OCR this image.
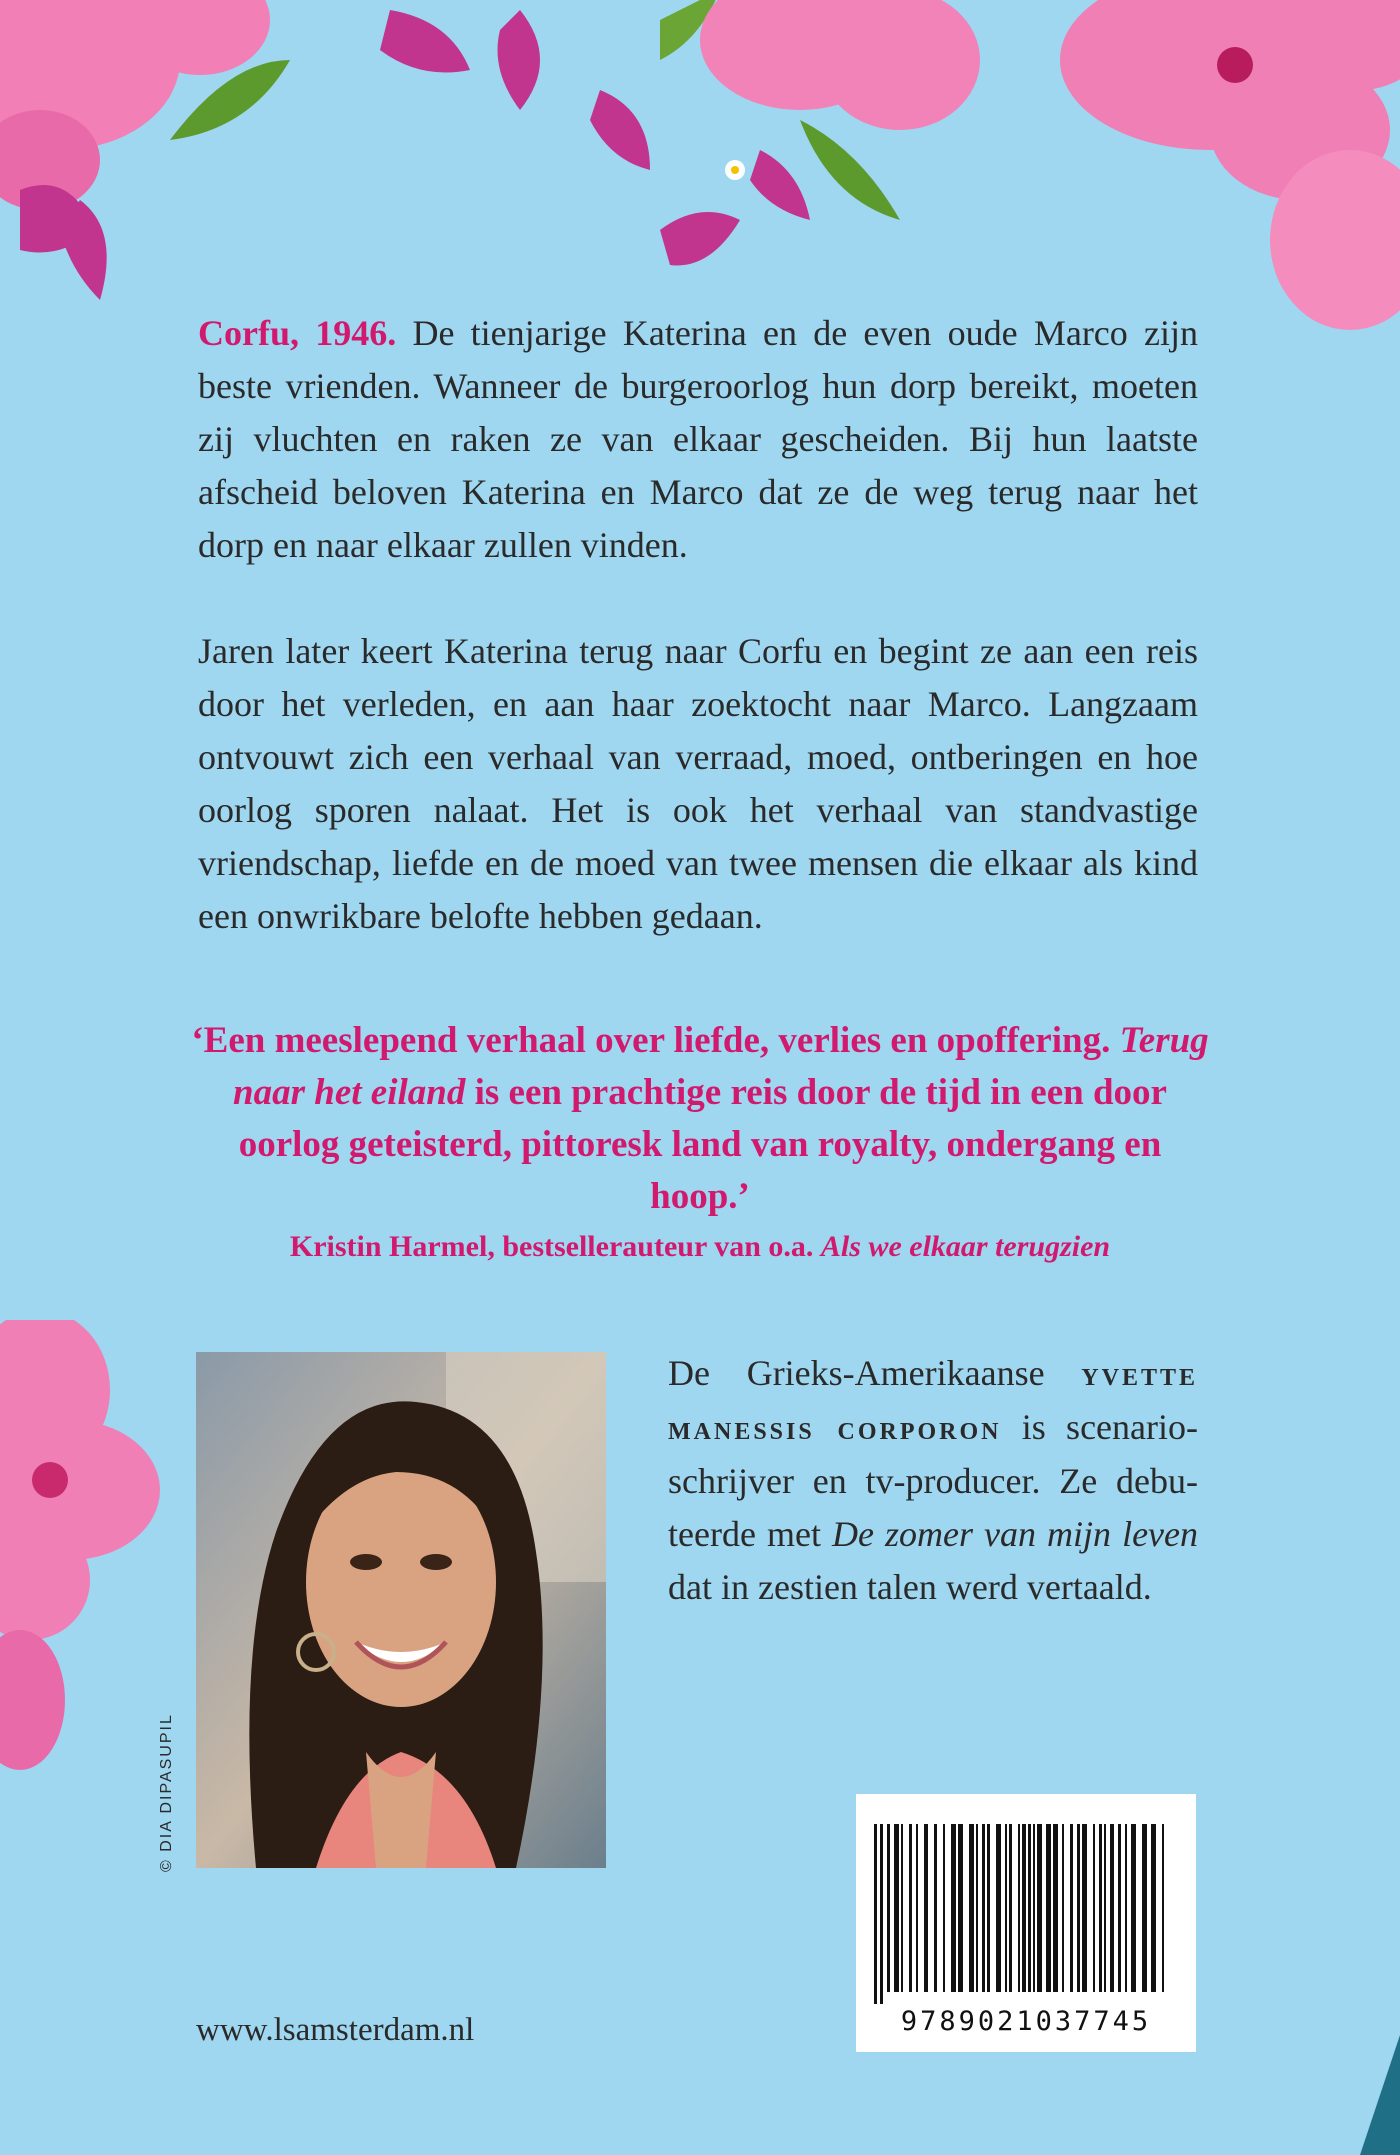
Corfu, 1946. De tienjarige Katerina en de even oude Marco zijn beste vrienden. Wanneer de burgeroorlog hun dorp bereikt, moeten zij vluchten en raken ze van elkaar gescheiden. Bij hun laatste afscheid beloven Katerina en Marco dat ze de weg terug naar het dorp en naar elkaar zullen vinden.

Jaren later keert Katerina terug naar Corfu en begint ze aan een reis door het verleden, en aan haar zoektocht naar Marco. Langzaam ontvouwt zich een verhaal van verraad, moed, ontberingen en hoe oorlog sporen nalaat. Het is ook het verhaal van standvastige vriendschap, liefde en de moed van twee mensen die elkaar als kind een onwrikbare belofte hebben gedaan.

‘Een meeslepend verhaal over liefde, verlies en opoffering. Terug naar het eiland is een prachtige reis door de tijd in een door oorlog geteisterd, pittoresk land van royalty, ondergang en hoop.’
Kristin Harmel, bestsellerauteur van o.a. Als we elkaar terugzien
© DIA DIPASUPIL

De Grieks-Amerikaanse yvette manessis corporon is scenarioschrijver en tv-producer. Ze debuteerde met De zomer van mijn leven dat in zestien talen werd vertaald.

9789021037745
www.lsamsterdam.nl
